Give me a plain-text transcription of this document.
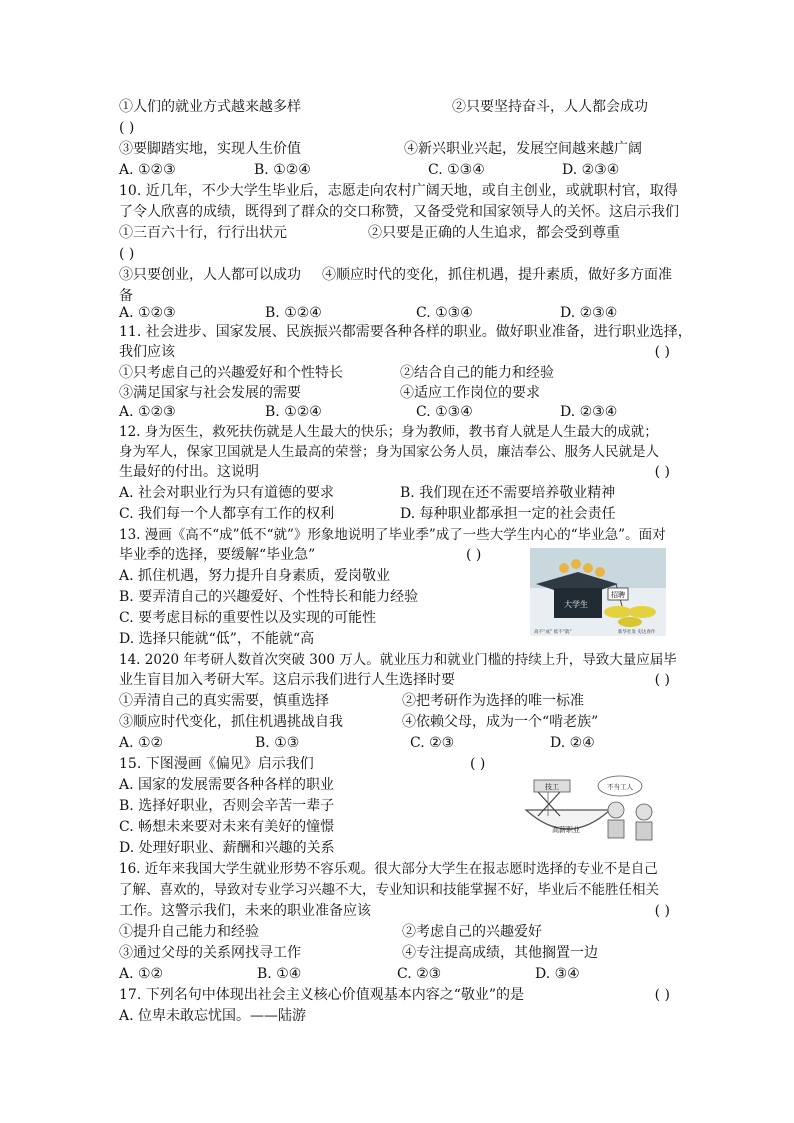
①人们的就业方式越来越多样	②只要坚持奋斗，人人都会成功
( )
③要脚踏实地，实现人生价值	④新兴职业兴起，发展空间越来越广阔
A. ①②③	B. ①②④	C. ①③④	D. ②③④
10. 近几年，不少大学生毕业后，志愿走向农村广阔天地，或自主创业，或就职村官，取得
了令人欣喜的成绩，既得到了群众的交口称赞，又备受党和国家领导人的关怀。这启示我们
①三百六十行，行行出状元	②只要是正确的人生追求，都会受到尊重
( )
③只要创业，人人都可以成功 ④顺应时代的变化，抓住机遇，提升素质，做好多方面准
备
A. ①②③	B. ①②④	C. ①③④	D. ②③④
11. 社会进步、国家发展、民族振兴都需要各种各样的职业。做好职业准备，进行职业选择，
我们应该	( )
①只考虑自己的兴趣爱好和个性特长	②结合自己的能力和经验
③满足国家与社会发展的需要	④适应工作岗位的要求
A. ①②③	B. ①②④	C. ①③④	D. ②③④
12. 身为医生，救死扶伤就是人生最大的快乐；身为教师，教书育人就是人生最大的成就；
身为军人，保家卫国就是人生最高的荣誉；身为国家公务人员，廉洁奉公、服务人民就是人
生最好的付出。这说明	( )
A. 社会对职业行为只有道德的要求	B. 我们现在还不需要培养敬业精神
C. 我们每一个人都享有工作的权利	D. 每种职业都承担一定的社会责任
13. 漫画《高不“成”低不“就”》形象地说明了毕业季”成了一些大学生内心的“毕业急”。面对
毕业季的选择，要缓解“毕业急”	( )
A. 抓住机遇，努力提升自身素质，爱岗敬业
B. 要弄清自己的兴趣爱好、个性特长和能力经验
C. 要考虑目标的重要性以及实现的可能性
D. 选择只能就“低”，不能就“高
招聘
大学生
高不“成” 低不“就”	新华社发 史达春作
14. 2020 年考研人数首次突破 300 万人。就业压力和就业门槛的持续上升，导致大量应届毕
业生盲目加入考研大军。这启示我们进行人生选择时要	( )
①弄清自己的真实需要，慎重选择	②把考研作为选择的唯一标准
③顺应时代变化，抓住机遇挑战自我	④依赖父母，成为一个“啃老族”
A. ①②	B. ①③	C. ②③	D. ②④
15. 下图漫画《偏见》启示我们	( )
A. 国家的发展需要各种各样的职业
B. 选择好职业，否则会辛苦一辈子
C. 畅想未来要对未来有美好的憧憬
D. 处理好职业、薪酬和兴趣的关系
高薪职业
技工	不当工人
16. 近年来我国大学生就业形势不容乐观。很大部分大学生在报志愿时选择的专业不是自己
了解、喜欢的，导致对专业学习兴趣不大，专业知识和技能掌握不好，毕业后不能胜任相关
工作。这警示我们，未来的职业准备应该	( )
①提升自己能力和经验	②考虑自己的兴趣爱好
③通过父母的关系网找寻工作	④专注提高成绩，其他搁置一边
A. ①②	B. ①④	C. ②③	D. ③④
17. 下列名句中体现出社会主义核心价值观基本内容之“敬业”的是	( )
A. 位卑未敢忘忧国。——陆游
